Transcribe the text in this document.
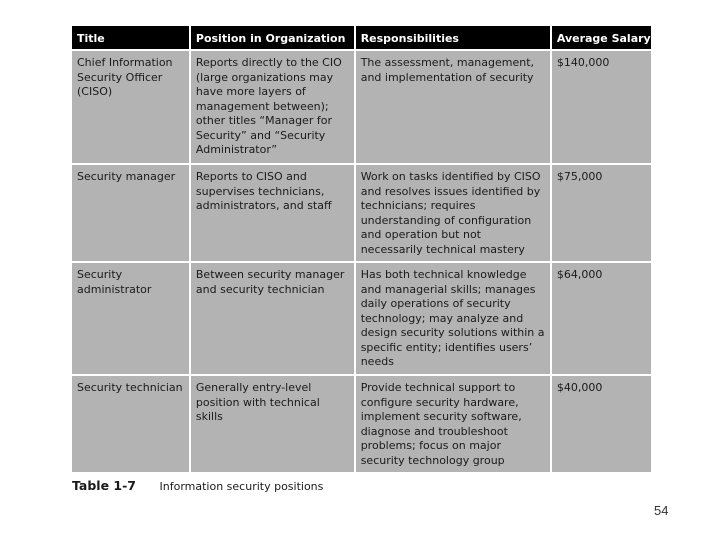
Title	Position in Organization	Responsibilities	Average Salary
Chief Information Security Officer (CISO)	Reports directly to the CIO (large organizations may have more layers of management between); other titles “Manager for Security” and “Security Administrator”	The assessment, management, and implementation of security	$140,000
Security manager	Reports to CISO and supervises technicians, administrators, and staff	Work on tasks identified by CISO and resolves issues identified by technicians; requires understanding of configuration and operation but not necessarily technical mastery	$75,000
Security administrator	Between security manager and security technician	Has both technical knowledge and managerial skills; manages daily operations of security technology; may analyze and design security solutions within a specific entity; identifies users’ needs	$64,000
Security technician	Generally entry-level position with technical skills	Provide technical support to configure security hardware, implement security software, diagnose and troubleshoot problems; focus on major security technology group	$40,000
Table 1-7 Information security positions
54
